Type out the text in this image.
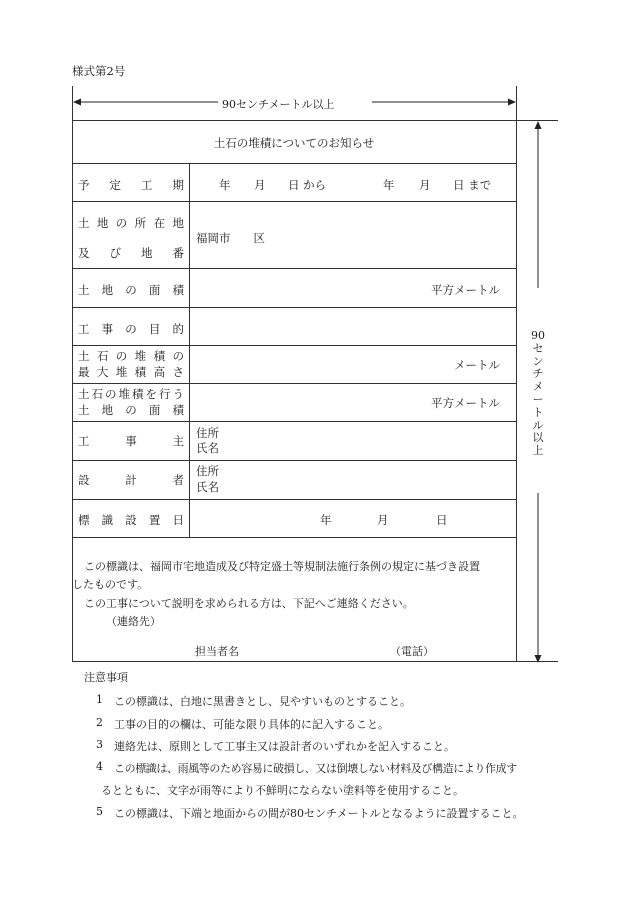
様式第2号
90センチメートル以上
90センチメートル以上
土石の堆積についてのお知らせ
予 定 工 期	年 月 日 から	年 月 日 まで
土 地 の 所 在 地
及 び 地 番
福岡市　　区
土 地 の 面 積	平方メートル
工 事 の 目 的
土 石 の 堆 積 の
最 大 堆 積 高 さ	メートル
土 石 の 堆 積 を 行 う
土 地 の 面 積	平方メートル
工	事	主
住所
氏名
設	計	者
住所
氏名
標 識 設 置 日	年	月	日
この標識は、福岡市宅地造成及び特定盛土等規制法施行条例の規定に基づき設置
したものです。
この工事について説明を求められる方は、下記へご連絡ください。
（連絡先）
担当者名	（電話）
注意事項
1 この標識は、白地に黒書きとし、見やすいものとすること。
2 工事の目的の欄は、可能な限り具体的に記入すること。
3 連絡先は、原則として工事主又は設計者のいずれかを記入すること。
4 この標識は、雨風等のため容易に破損し、又は倒壊しない材料及び構造により作成す
るとともに、文字が雨等により不鮮明にならない塗料等を使用すること。
5 この標識は、下端と地面からの間が80センチメートルとなるように設置すること。
